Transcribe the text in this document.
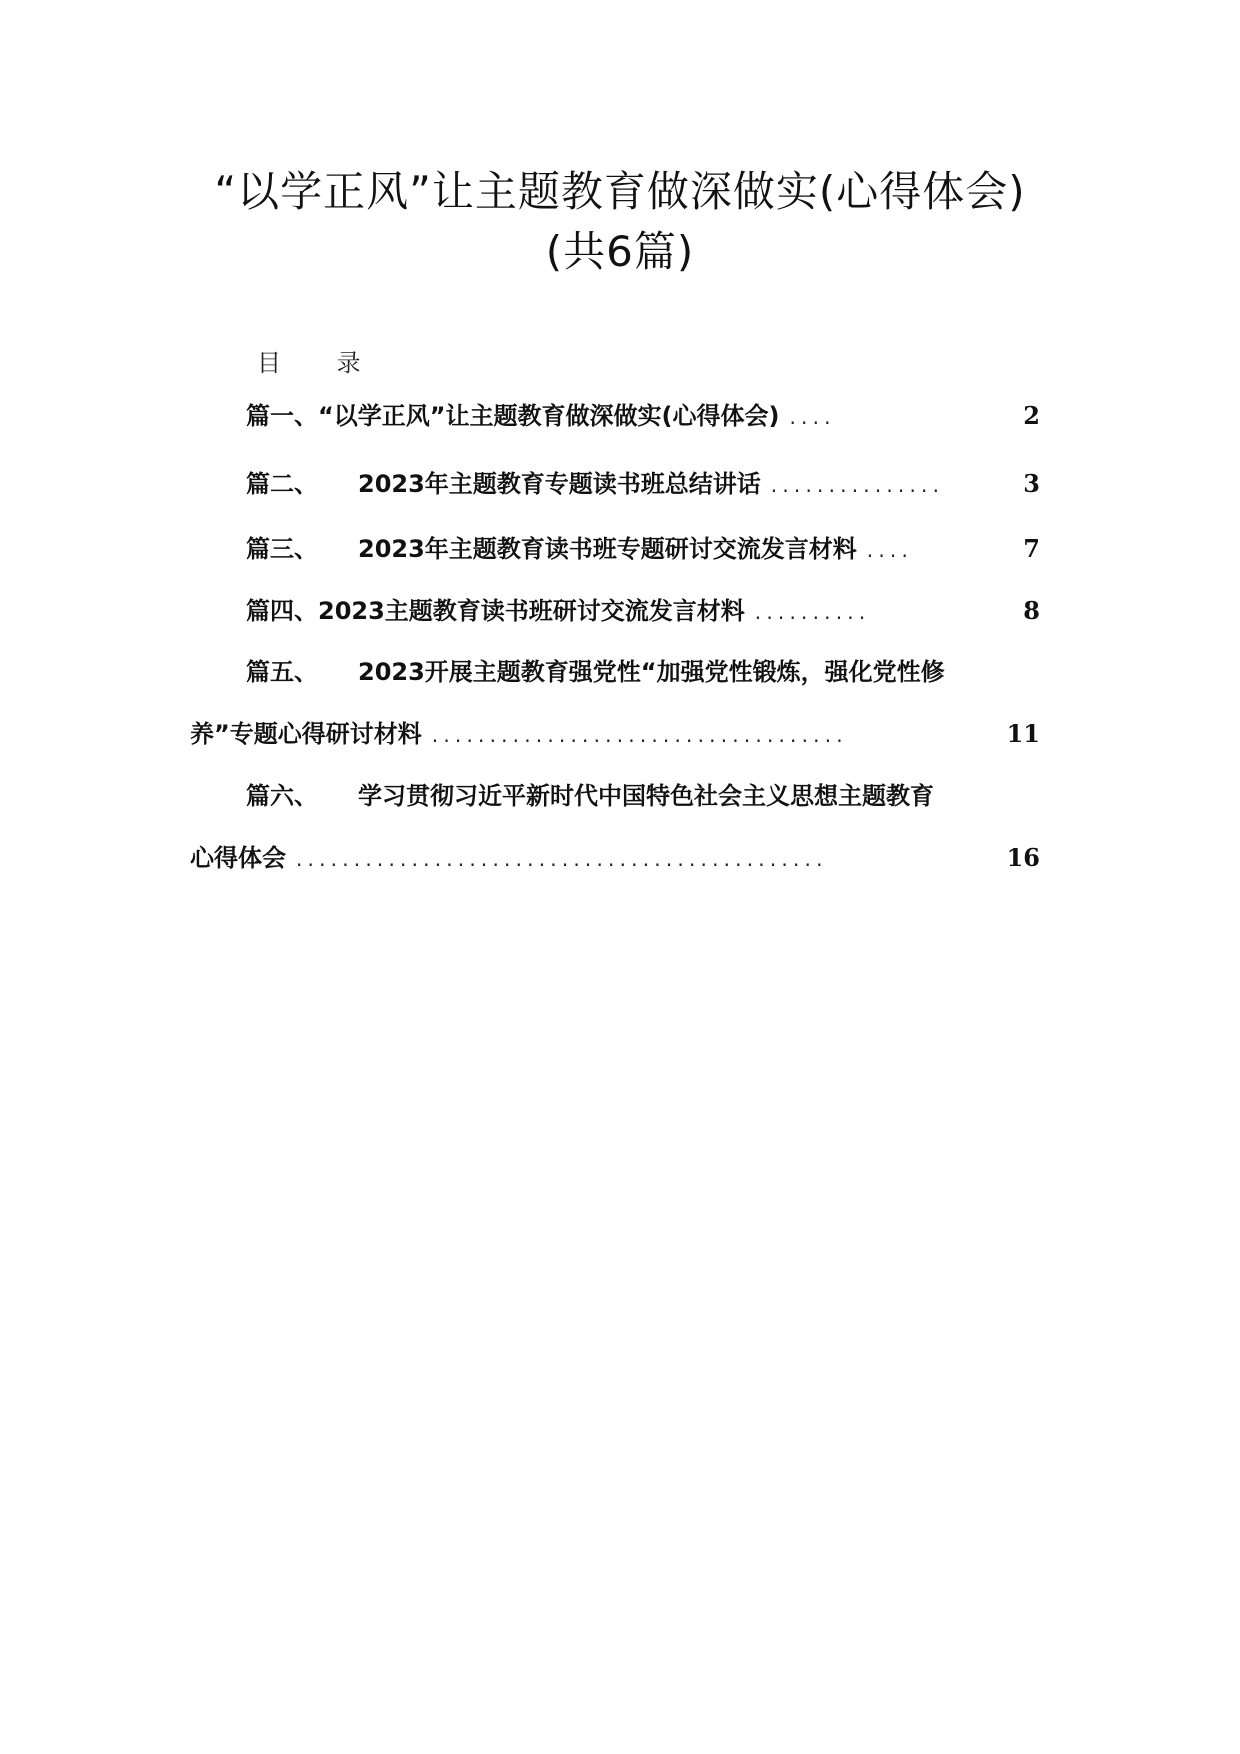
“以学正风”让主题教育做深做实(心得体会)
(共6篇)
目 录
篇一、 “以学正风”让主题教育做深做实(心得体会) ....	2
篇二、 2023年主题教育专题读书班总结讲话 ...............	3
篇三、 2023年主题教育读书班专题研讨交流发言材料 ....	7
篇四、 2023主题教育读书班研讨交流发言材料 ..........	8
篇五、 2023开展主题教育强党性“加强党性锻炼，强化党性修
养”专题心得研讨材料 ....................................	11
篇六、 学习贯彻习近平新时代中国特色社会主义思想主题教育
心得体会 ..............................................	16
